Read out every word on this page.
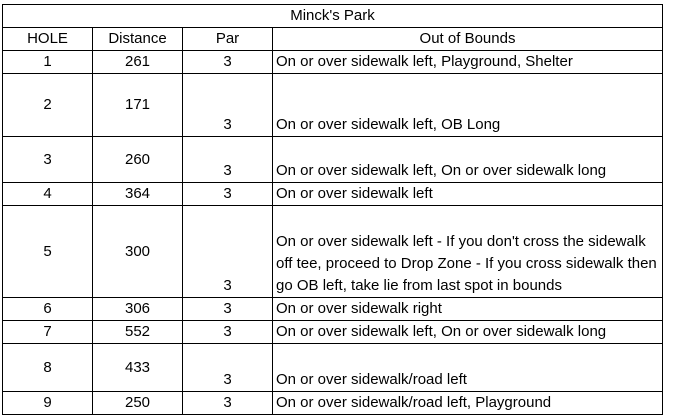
Minck's Park			
HOLE	Distance	Par	Out of Bounds
1	261	3	On or over sidewalk left, Playground, Shelter
2	171	3	On or over sidewalk left, OB Long
3	260	3	On or over sidewalk left, On or over sidewalk long
4	364	3	On or over sidewalk left
5	300	3	On or over sidewalk left - If you don't cross the sidewalk off tee, proceed to Drop Zone - If you cross sidewalk then go OB left, take lie from last spot in bounds
6	306	3	On or over sidewalk right
7	552	3	On or over sidewalk left, On or over sidewalk long
8	433	3	On or over sidewalk/road left
9	250	3	On or over sidewalk/road left, Playground
